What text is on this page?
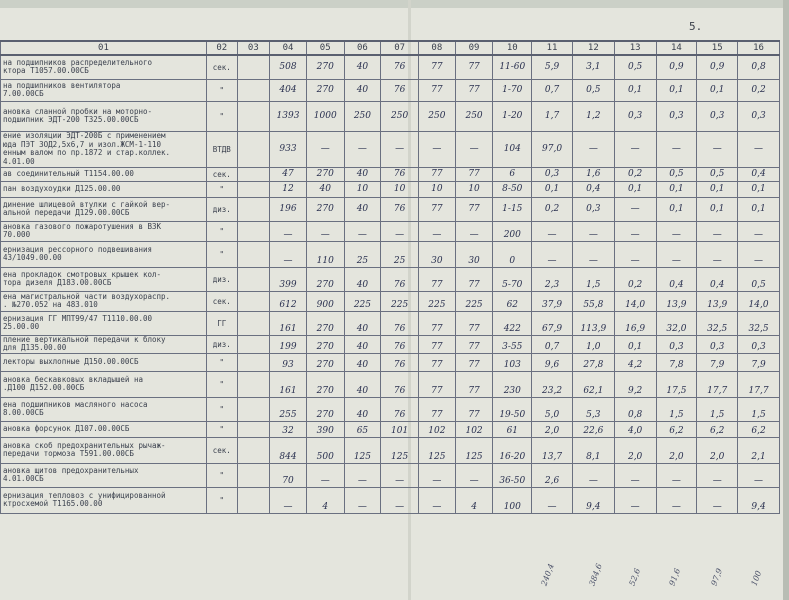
5.
01	02	03	04	05	06	07	08	09	10	11	12	13	14	15	16
на подшипников распределительного
ктора Т1057.00.00СБ	сек.		508	270	40	76	77	77	11-60	5,9	3,1	0,5	0,9	0,9	0,8
на подшипников вентилятора
7.00.00СБ	"		404	270	40	76	77	77	1-70	0,7	0,5	0,1	0,1	0,1	0,2
ановка сланной пробки на моторно-
подшипник ЭДТ-200 Т325.00.00СБ	"		1393	1000	250	250	250	250	1-20	1,7	1,2	0,3	0,3	0,3	0,3
ение изоляции ЭДТ-200Б с применением
юда ПЭТ ЗОД2,5х6,7 и изол.ЖСМ-1-110
енным валом по пр.1872 и стар.коллек.
4.01.00	ВТДВ		933	—	—	—	—	—	104	97,0	—	—	—	—	—
ав соединительный Т1154.00.00	сек.		47	270	40	76	77	77	6	0,3	1,6	0,2	0,5	0,5	0,4
пан воздухоудки Д125.00.00	"		12	40	10	10	10	10	8-50	0,1	0,4	0,1	0,1	0,1	0,1
динение шлицевой втулки с гайкой вер-
альной передачи Д129.00.00СБ	диз.		196	270	40	76	77	77	1-15	0,2	0,3	—	0,1	0,1	0,1
ановка газового пожаротушения в ВЗК
70.000	"		—	—	—	—	—	—	200	—	—	—	—	—	—
ернизация рессорного подвешивания
43/1049.00.00	"		—	110	25	25	30	30	0	—	—	—	—	—	—
ена прокладок смотровых крышек кол-
тора дизеля Д183.00.00СБ	диз.		399	270	40	76	77	77	5-70	2,3	1,5	0,2	0,4	0,4	0,5
ена магистральной части воздухораспр.
. №270.052 на 483.010	сек.		612	900	225	225	225	225	62	37,9	55,8	14,0	13,9	13,9	14,0
ернизация ГГ МПТ99/47 Т1110.00.00
25.00.00	ГГ		161	270	40	76	77	77	422	67,9	113,9	16,9	32,0	32,5	32,5
пление вертикальной передачи к блоку
для Д135.00.00	диз.		199	270	40	76	77	77	3-55	0,7	1,0	0,1	0,3	0,3	0,3
лекторы выхлопные Д150.00.00СБ	"		93	270	40	76	77	77	103	9,6	27,8	4,2	7,8	7,9	7,9
ановка бескавковых вкладышей на
.Д100 Д152.00.00СБ	"		161	270	40	76	77	77	230	23,2	62,1	9,2	17,5	17,7	17,7
ена подшипников масляного насоса
8.00.00СБ	"		255	270	40	76	77	77	19-50	5,0	5,3	0,8	1,5	1,5	1,5
ановка форсунок Д107.00.00СБ	"		32	390	65	101	102	102	61	2,0	22,6	4,0	6,2	6,2	6,2
ановка скоб предохранительных рычаж-
передачи тормоза Т591.00.00СБ	сек.		844	500	125	125	125	125	16-20	13,7	8,1	2,0	2,0	2,0	2,1
ановка щитов предохранительных
4.01.00СБ	"		70	—	—	—	—	—	36-50	2,6	—	—	—	—	—
ернизация тепловоз с унифицированной
ктросхемой Т1165.00.00	"		—	4	—	—	—	4	100	—	9,4	—	—	—	9,4
240,4	384,6	52,6	91,6	97,9	100
